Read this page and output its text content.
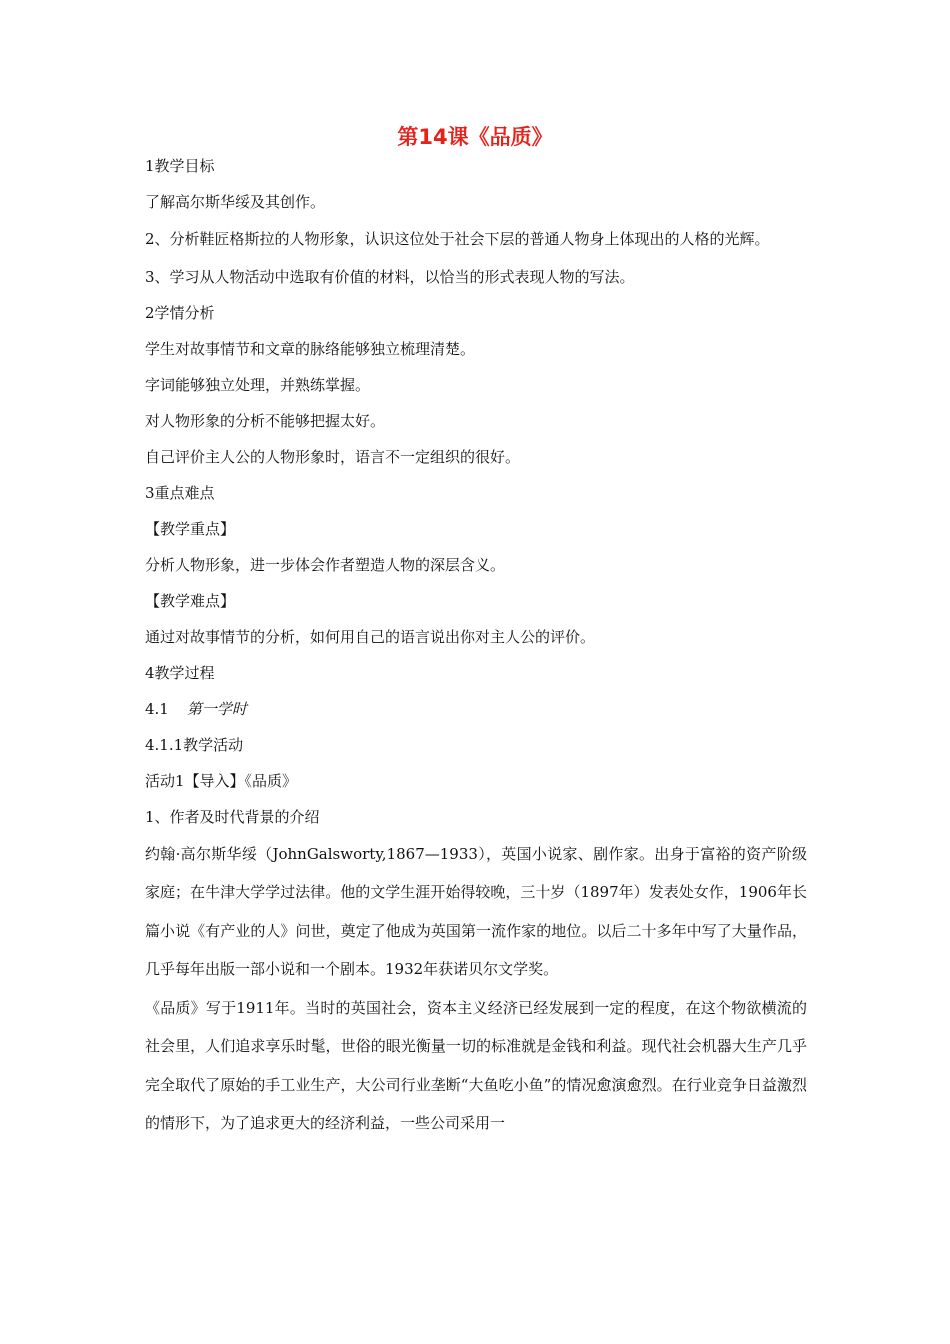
第14课《品质》
1教学目标
了解高尔斯华绥及其创作。
2、分析鞋匠格斯拉的人物形象，认识这位处于社会下层的普通人物身上体现出的人格的光辉。
3、学习从人物活动中选取有价值的材料，以恰当的形式表现人物的写法。
2学情分析
学生对故事情节和文章的脉络能够独立梳理清楚。
字词能够独立处理，并熟练掌握。
对人物形象的分析不能够把握太好。
自己评价主人公的人物形象时，语言不一定组织的很好。
3重点难点
【教学重点】
分析人物形象，进一步体会作者塑造人物的深层含义。
【教学难点】
通过对故事情节的分析，如何用自己的语言说出你对主人公的评价。
4教学过程
4.1 第一学时
4.1.1教学活动
活动1【导入】《品质》
1、作者及时代背景的介绍
约翰·高尔斯华绥（JohnGalsworty,1867—1933），英国小说家、剧作家。出身于富裕的资产阶级家庭；在牛津大学学过法律。他的文学生涯开始得较晚，三十岁（1897年）发表处女作，1906年长篇小说《有产业的人》问世，奠定了他成为英国第一流作家的地位。以后二十多年中写了大量作品，几乎每年出版一部小说和一个剧本。1932年获诺贝尔文学奖。
《品质》写于1911年。当时的英国社会，资本主义经济已经发展到一定的程度，在这个物欲横流的社会里，人们追求享乐时髦，世俗的眼光衡量一切的标准就是金钱和利益。现代社会机器大生产几乎完全取代了原始的手工业生产，大公司行业垄断“大鱼吃小鱼”的情况愈演愈烈。在行业竞争日益激烈的情形下，为了追求更大的经济利益，一些公司采用一
